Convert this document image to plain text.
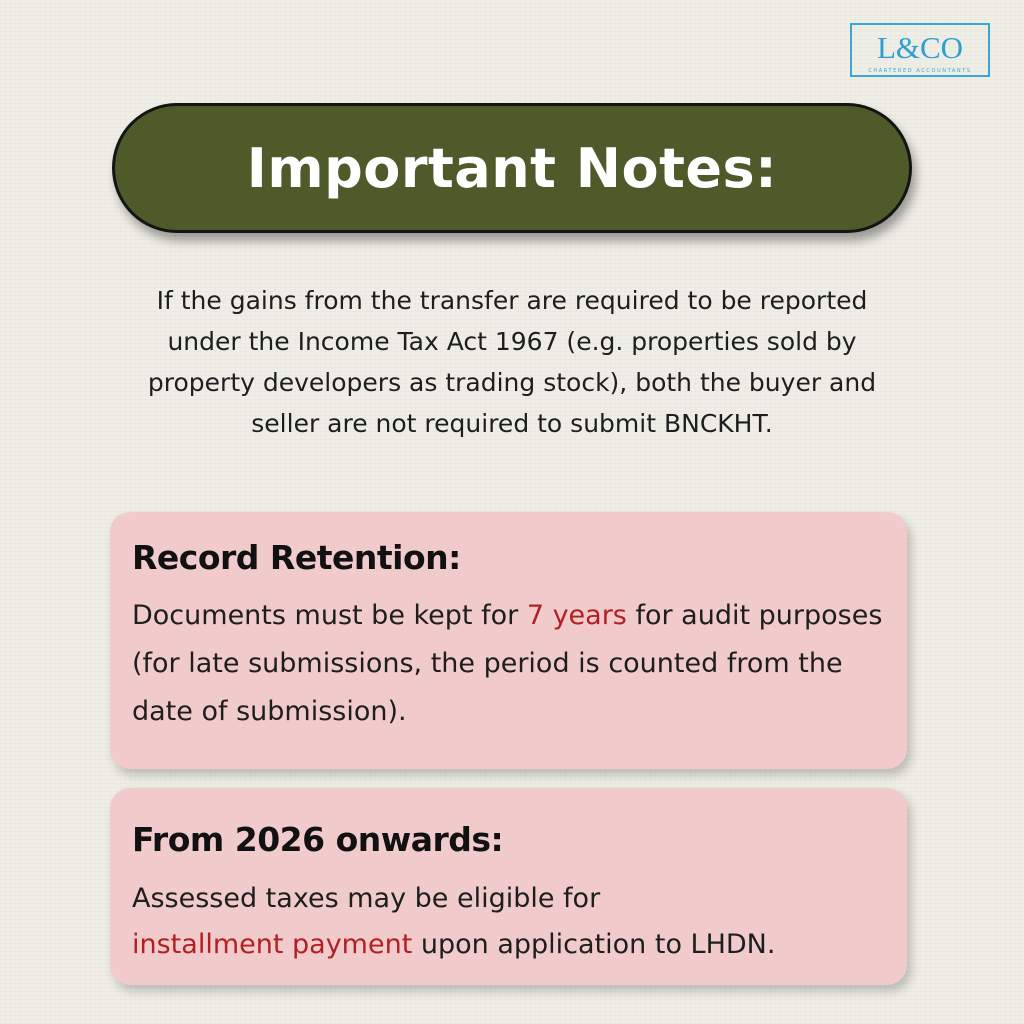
L&CO
CHARTERED ACCOUNTANTS
Important Notes:
If the gains from the transfer are required to be reported under the Income Tax Act 1967 (e.g. properties sold by property developers as trading stock), both the buyer and seller are not required to submit BNCKHT.
Record Retention:
Documents must be kept for 7 years for audit purposes (for late submissions, the period is counted from the date of submission).
From 2026 onwards:
Assessed taxes may be eligible for
installment payment upon application to LHDN.
